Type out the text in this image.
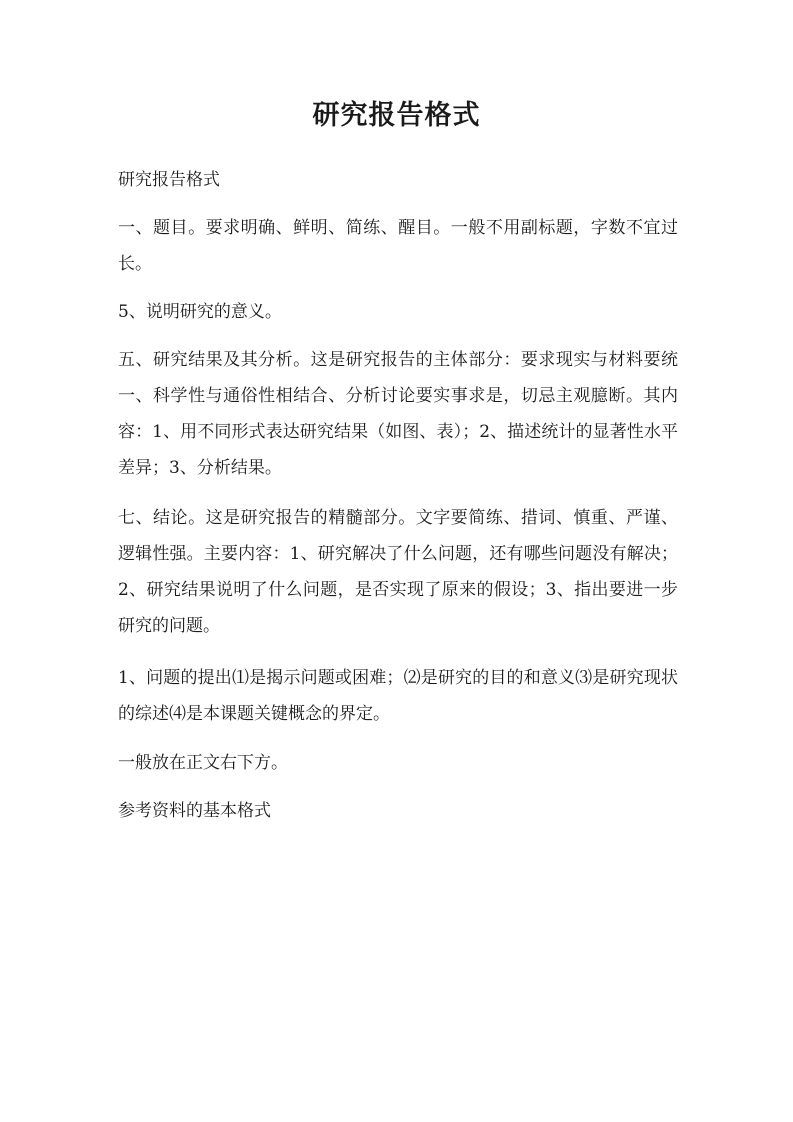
研究报告格式

研究报告格式

一、题目。要求明确、鲜明、简练、醒目。一般不用副标题，字数不宜过长。

5、说明研究的意义。

五、研究结果及其分析。这是研究报告的主体部分：要求现实与材料要统一、科学性与通俗性相结合、分析讨论要实事求是，切忌主观臆断。其内容：1、用不同形式表达研究结果（如图、表）；2、描述统计的显著性水平差异；3、分析结果。

七、结论。这是研究报告的精髓部分。文字要简练、措词、慎重、严谨、逻辑性强。主要内容：1、研究解决了什么问题，还有哪些问题没有解决；2、研究结果说明了什么问题，是否实现了原来的假设；3、指出要进一步研究的问题。

1、问题的提出⑴是揭示问题或困难；⑵是研究的目的和意义⑶是研究现状的综述⑷是本课题关键概念的界定。

一般放在正文右下方。

参考资料的基本格式
